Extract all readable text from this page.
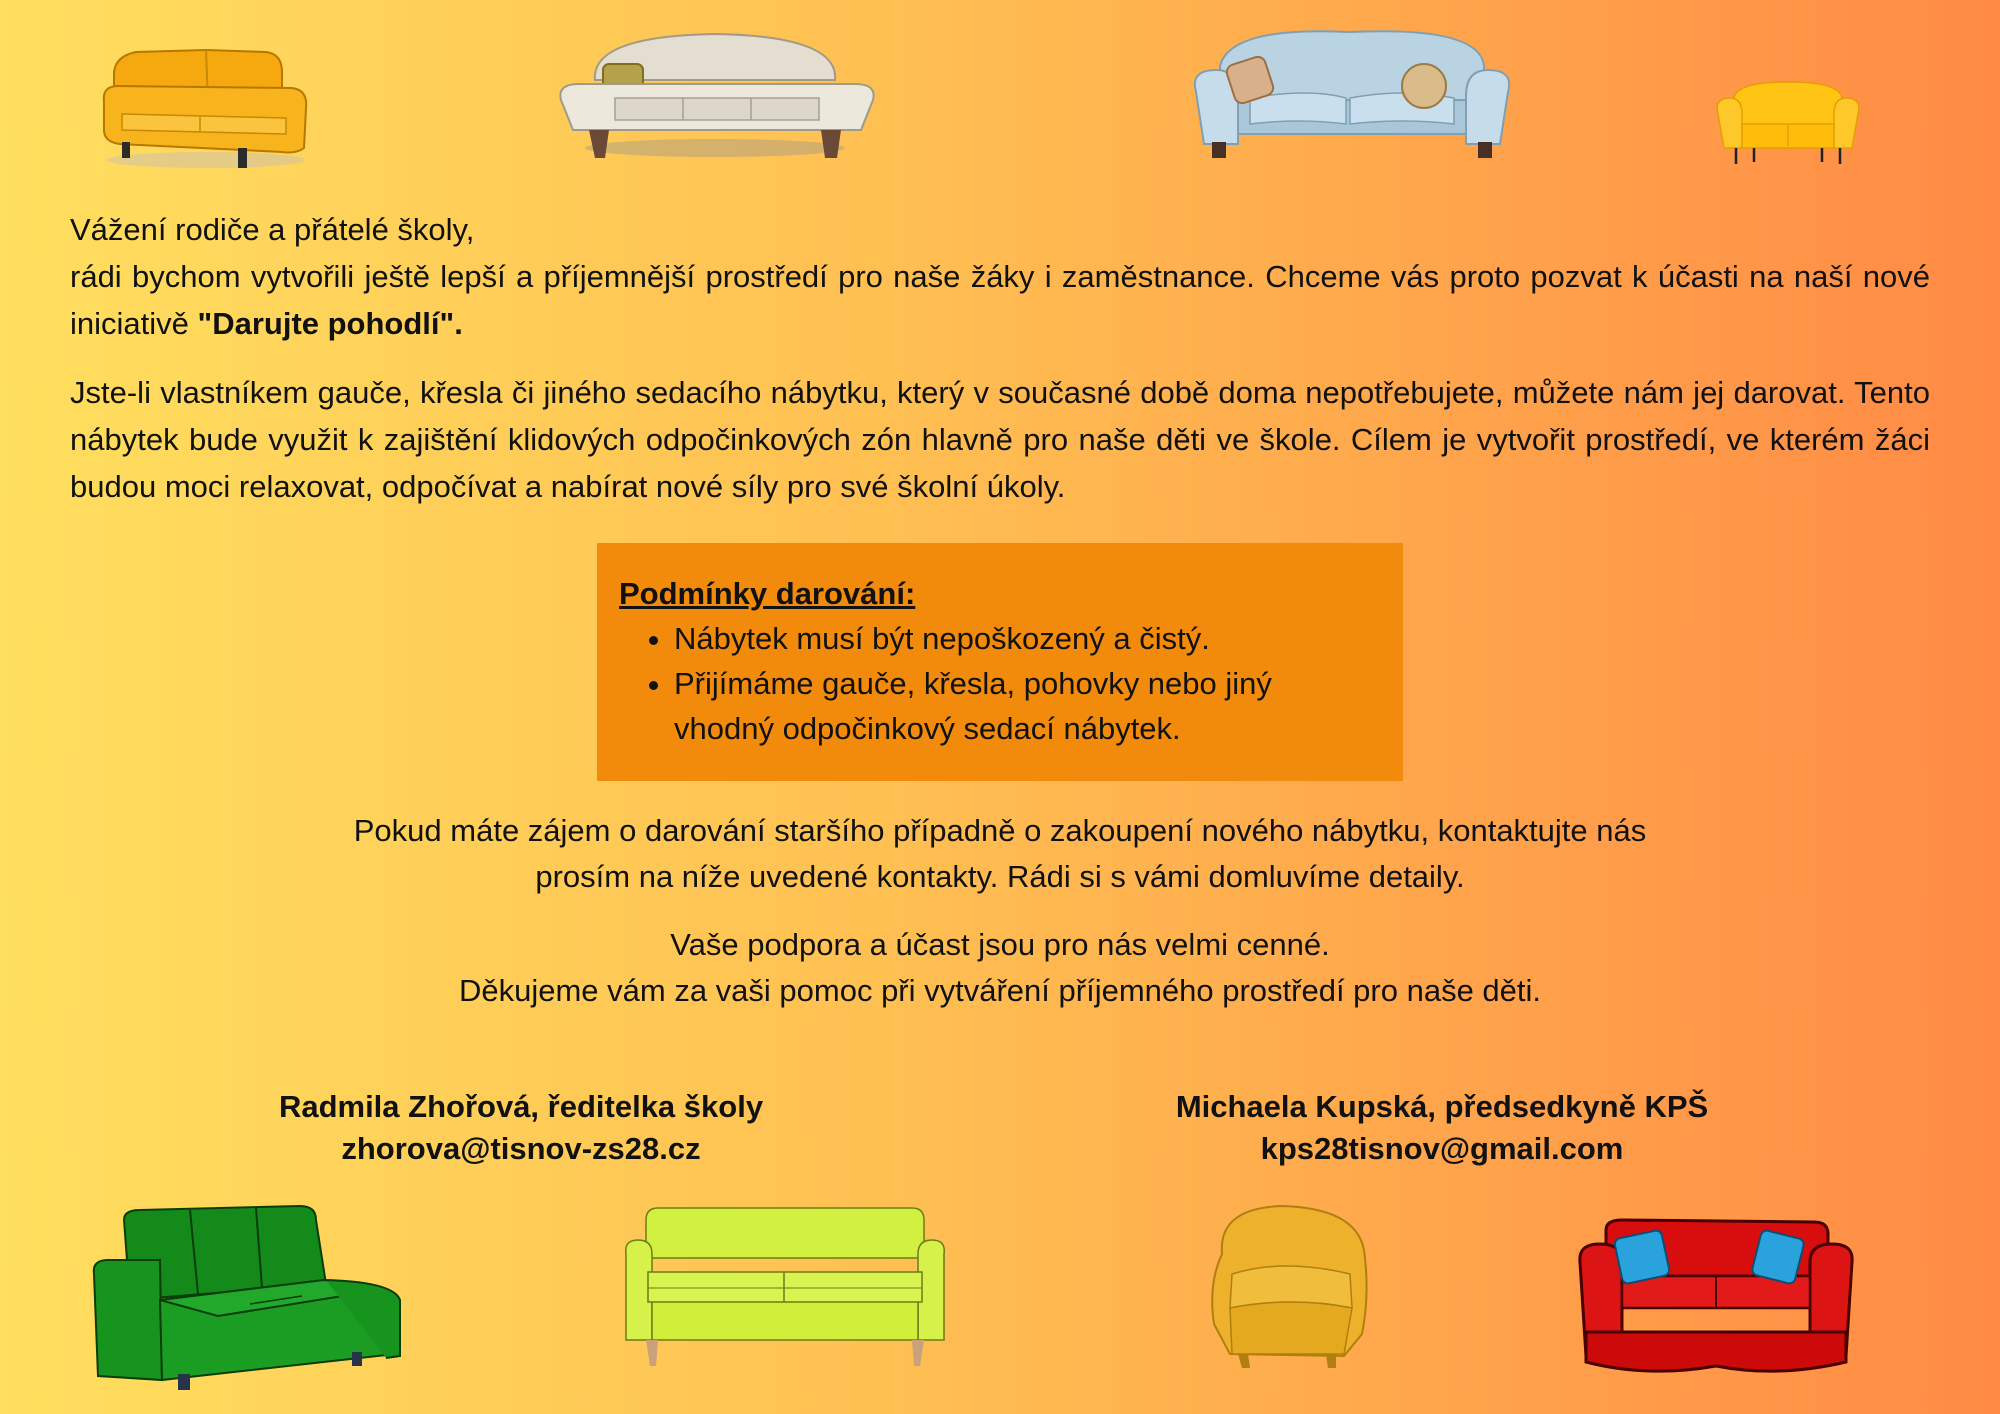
Vážení rodiče a přátelé školy,

rádi bychom vytvořili ještě lepší a příjemnější prostředí pro naše žáky i zaměstnance. Chceme vás proto pozvat k účasti na naší nové iniciativě "Darujte pohodlí".

Jste-li vlastníkem gauče, křesla či jiného sedacího nábytku, který v současné době doma nepotřebujete, můžete nám jej darovat. Tento nábytek bude využit k zajištění klidových odpočinkových zón hlavně pro naše děti ve škole. Cílem je vytvořit prostředí, ve kterém žáci budou moci relaxovat, odpočívat a nabírat nové síly pro své školní úkoly.

Podmínky darování:
• Nábytek musí být nepoškozený a čistý.
• Přijímáme gauče, křesla, pohovky nebo jiný vhodný odpočinkový sedací nábytek.
Pokud máte zájem o darování staršího případně o zakoupení nového nábytku, kontaktujte nás
prosím na níže uvedené kontakty. Rádi si s vámi domluvíme detaily.
Vaše podpora a účast jsou pro nás velmi cenné.
Děkujeme vám za vaši pomoc při vytváření příjemného prostředí pro naše děti.
Radmila Zhořová, ředitelka školy
zhorova@tisnov-zs28.cz
Michaela Kupská, předsedkyně KPŠ
kps28tisnov@gmail.com
